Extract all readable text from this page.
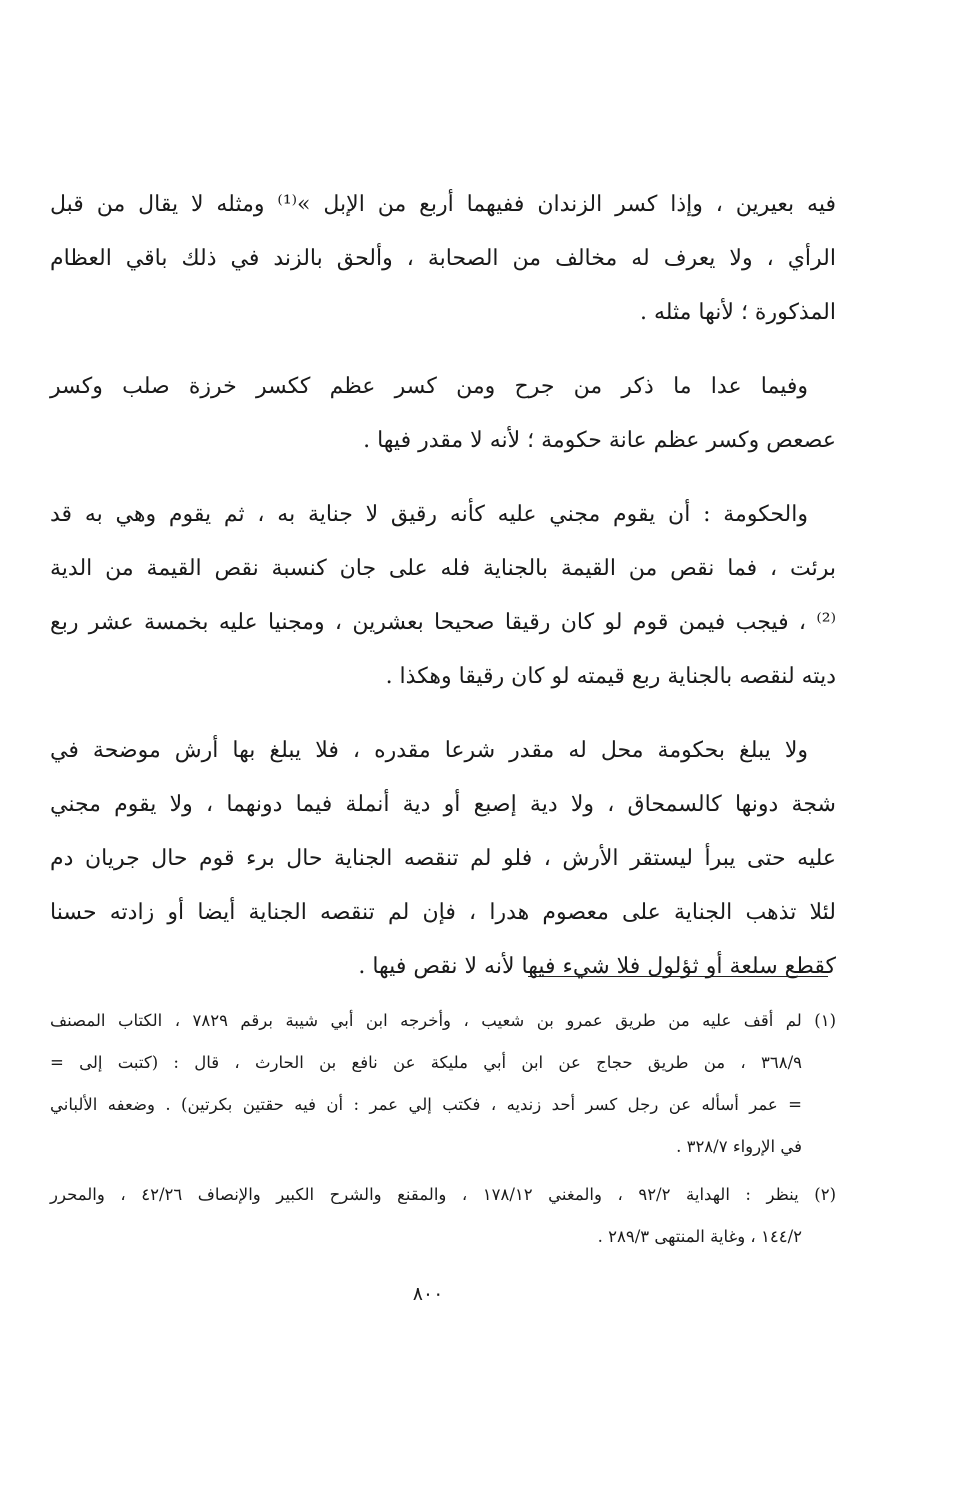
فيه بعيرين ، وإذا كسر الزندان ففيهما أربع من الإبل »⁽¹⁾ ومثله لا يقال من قبل
الرأي ، ولا يعرف له مخالف من الصحابة ، وألحق بالزند في ذلك باقي العظام
المذكورة ؛ لأنها مثله .
وفيما عدا ما ذكر من جرح ومن كسر عظم ككسر خرزة صلب وكسر
عصعص وكسر عظم عانة حكومة ؛ لأنه لا مقدر فيها .
والحكومة : أن يقوم مجني عليه كأنه رقيق لا جناية به ، ثم يقوم وهي به قد
برئت ، فما نقص من القيمة بالجناية فله على جان كنسبة نقص القيمة من الدية
⁽²⁾ ، فيجب فيمن قوم لو كان رقيقا صحيحا بعشرين ، ومجنيا عليه بخمسة عشر ربع
ديته لنقصه بالجناية ربع قيمته لو كان رقيقا وهكذا .
ولا يبلغ بحكومة محل له مقدر شرعا مقدره ، فلا يبلغ بها أرش موضحة في
شجة دونها كالسمحاق ، ولا دية إصبع أو دية أنملة فيما دونهما ، ولا يقوم مجني
عليه حتى يبرأ ليستقر الأرش ، فلو لم تنقصه الجناية حال برء قوم حال جريان دم
لئلا تذهب الجناية على معصوم هدرا ، فإن لم تنقصه الجناية أيضا أو زادته حسنا
كقطع سلعة أو ثؤلول فلا شيء فيها لأنه لا نقص فيها .
(١) لم أقف عليه من طريق عمرو بن شعيب ، وأخرجه ابن أبي شيبة برقم ٧٨٢٩ ، الكتاب المصنف
٣٦٨/٩ ، من طريق حجاج عن ابن أبي مليكة عن نافع بن الحارث ، قال : (كتبت إلى =
= عمر أسأله عن رجل كسر أحد زنديه ، فكتب إلي عمر : أن فيه حقتين بكرتين) . وضعفه الألباني
في الإرواء ٣٢٨/٧ .
(٢) ينظر : الهداية ٩٢/٢ ، والمغني ١٧٨/١٢ ، والمقنع والشرح الكبير والإنصاف ٤٢/٢٦ ، والمحرر
١٤٤/٢ ، وغاية المنتهى ٢٨٩/٣ .
٨٠٠
